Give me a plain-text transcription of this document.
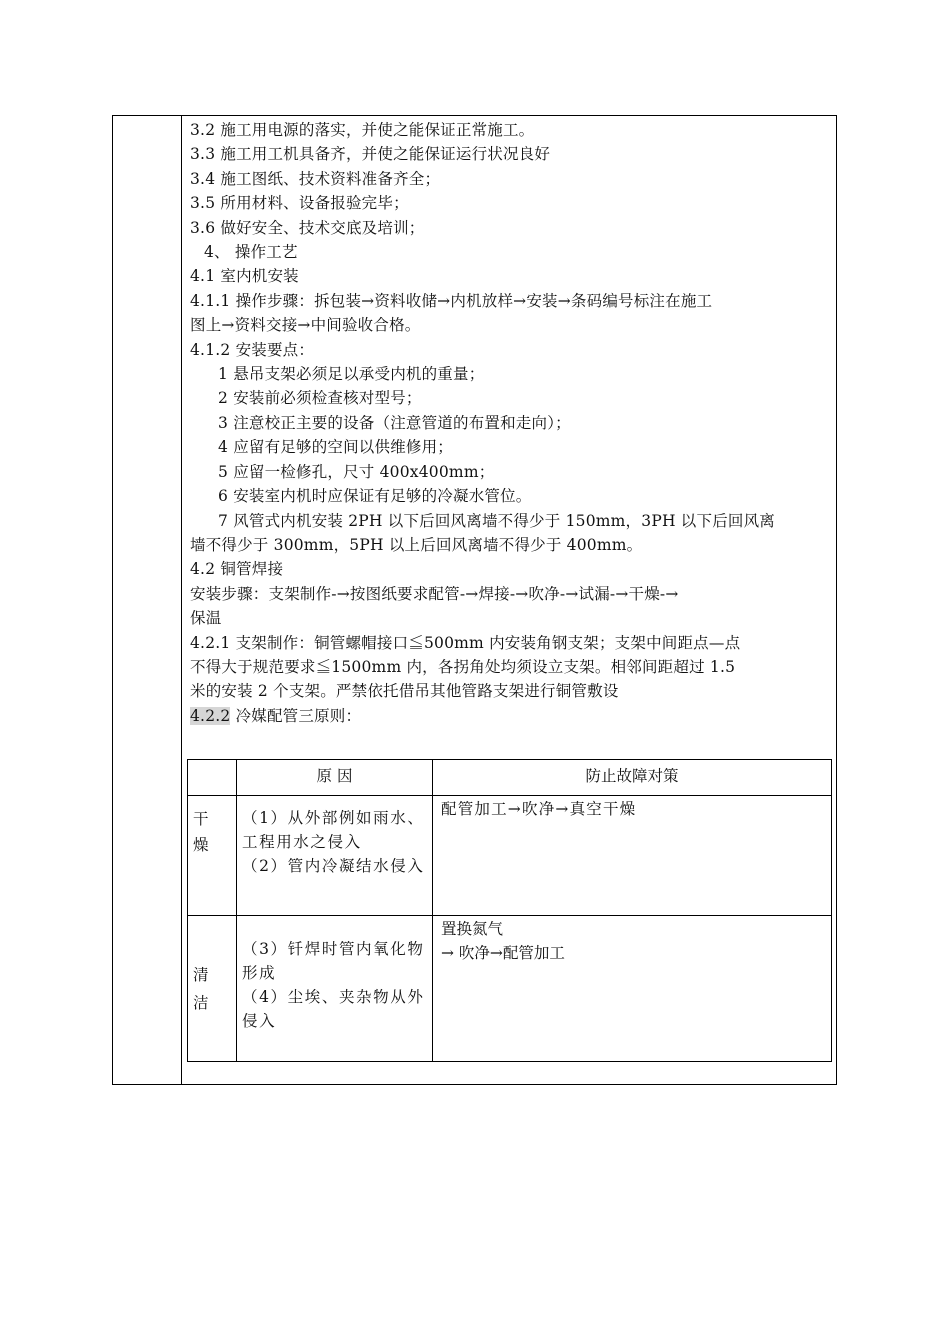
3.2 施工用电源的落实，并使之能保证正常施工。
3.3 施工用工机具备齐，并使之能保证运行状况良好
3.4 施工图纸、技术资料准备齐全；
3.5 所用材料、设备报验完毕；
3.6 做好安全、技术交底及培训；
4、 操作工艺
4.1 室内机安装
4.1.1 操作步骤：拆包装→资料收储→内机放样→安装→条码编号标注在施工
图上→资料交接→中间验收合格。
4.1.2 安装要点：
1 悬吊支架必须足以承受内机的重量；
2 安装前必须检查核对型号；
3 注意校正主要的设备（注意管道的布置和走向）；
4 应留有足够的空间以供维修用；
5 应留一检修孔，尺寸 400x400mm；
6 安装室内机时应保证有足够的冷凝水管位。
7 风管式内机安装 2PH 以下后回风离墙不得少于 150mm，3PH 以下后回风离
墙不得少于 300mm，5PH 以上后回风离墙不得少于 400mm。
4.2 铜管焊接
安装步骤：支架制作-→按图纸要求配管-→焊接-→吹净-→试漏-→干燥-→
保温
4.2.1 支架制作：铜管螺帽接口≦500mm 内安装角钢支架；支架中间距点—点
不得大于规范要求≦1500mm 内，各拐角处均须设立支架。相邻间距超过 1.5
米的安装 2 个支架。严禁依托借吊其他管路支架进行铜管敷设
4.2.2 冷媒配管三原则：
原 因	防止故障对策
干燥
（1）从外部例如雨水、工程用水之侵入
（2）管内冷凝结水侵入
配管加工→吹净→真空干燥
清洁
（3）钎焊时管内氧化物形成
（4）尘埃、夹杂物从外侵入
置换氮气
→ 吹净→配管加工
